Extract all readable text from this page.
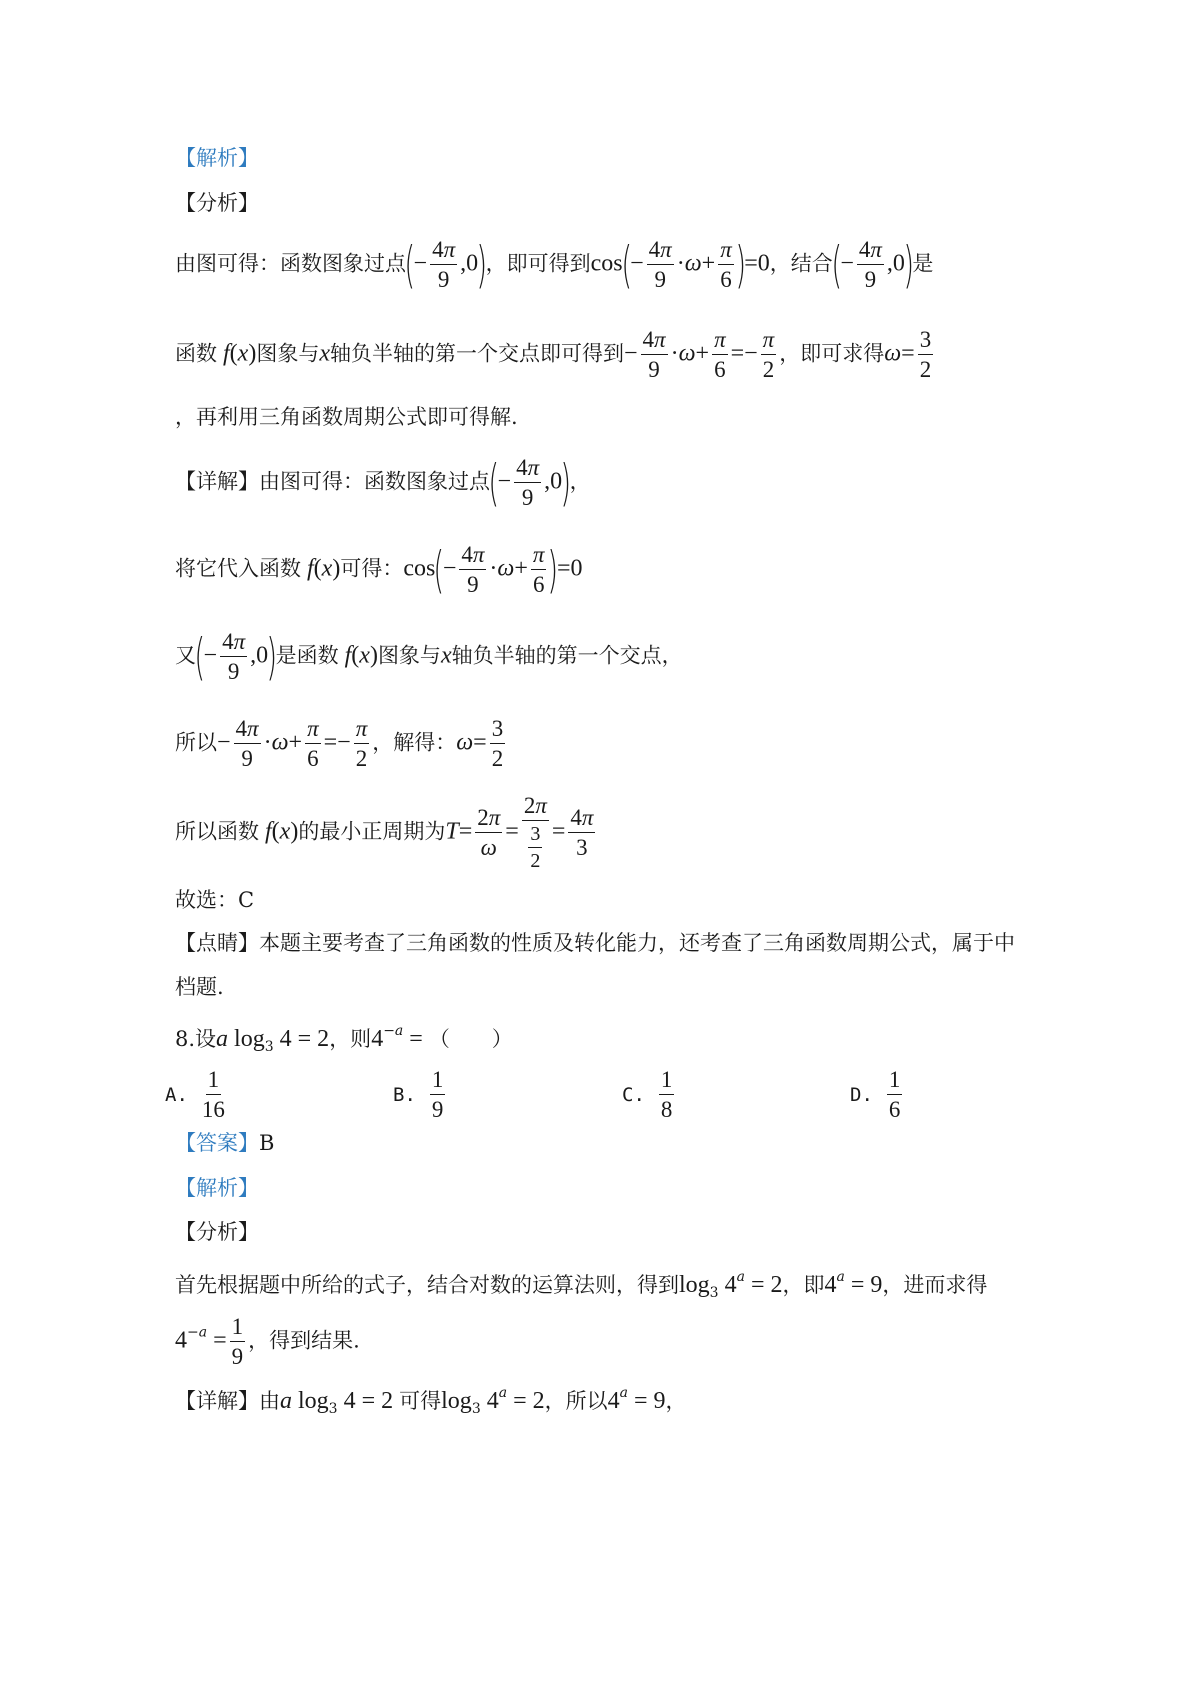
【解析】
【分析】
由图可得：函数图象过点(− $\frac{4\pi}{9} ,0$)，即可得到$\cos(- \frac{4\pi}{9} \cdot\omega+ \frac{\pi}{6} )=0$，结合(− $\frac{4\pi}{9} ,0$)是
函数 f(x)图象与x轴负半轴的第一个交点即可得到− $\frac{4\pi}{9} \cdot\omega+ \frac{\pi}{6} =- \frac{\pi}{2}$ ，即可求得$\omega= \frac{3}{2}$
，再利用三角函数周期公式即可得解.
【详解】由图可得：函数图象过点(− $\frac{4\pi}{9} ,0$)，
将它代入函数 f(x)可得：$\cos(- \frac{4\pi}{9} \cdot\omega+ \frac{\pi}{6} )=0$
又(− $\frac{4\pi}{9} ,0$)是函数 f(x)图象与x轴负半轴的第一个交点，
所以− $\frac{4\pi}{9} \cdot\omega+ \frac{\pi}{6} =- \frac{\pi}{2}$ ，解得：$\omega= \frac{3}{2}$
所以函数 f(x)的最小正周期为$T= \frac{2\pi}{\omega} = \frac{2\pi}{\frac{3}{2}} = \frac{4\pi}{3}$
故选：C
【点睛】本题主要考查了三角函数的性质及转化能力，还考查了三角函数周期公式，属于中
档题.
8.设a $\log_3 4 = 2$，则$4^{-a}$ = （　　）
A. $\frac{1}{16}$	B. $\frac{1}{9}$	C. $\frac{1}{8}$	D. $\frac{1}{6}$
【答案】B
【解析】
【分析】
首先根据题中所给的式子，结合对数的运算法则，得到$\log_3 4^a = 2$，即$4^a = 9$，进而求得
$4^{-a} = \frac{1}{9}$ ，得到结果.
【详解】由a $\log_3 4 = 2$ 可得$\log_3 4^a = 2$，所以$4^a = 9$，
